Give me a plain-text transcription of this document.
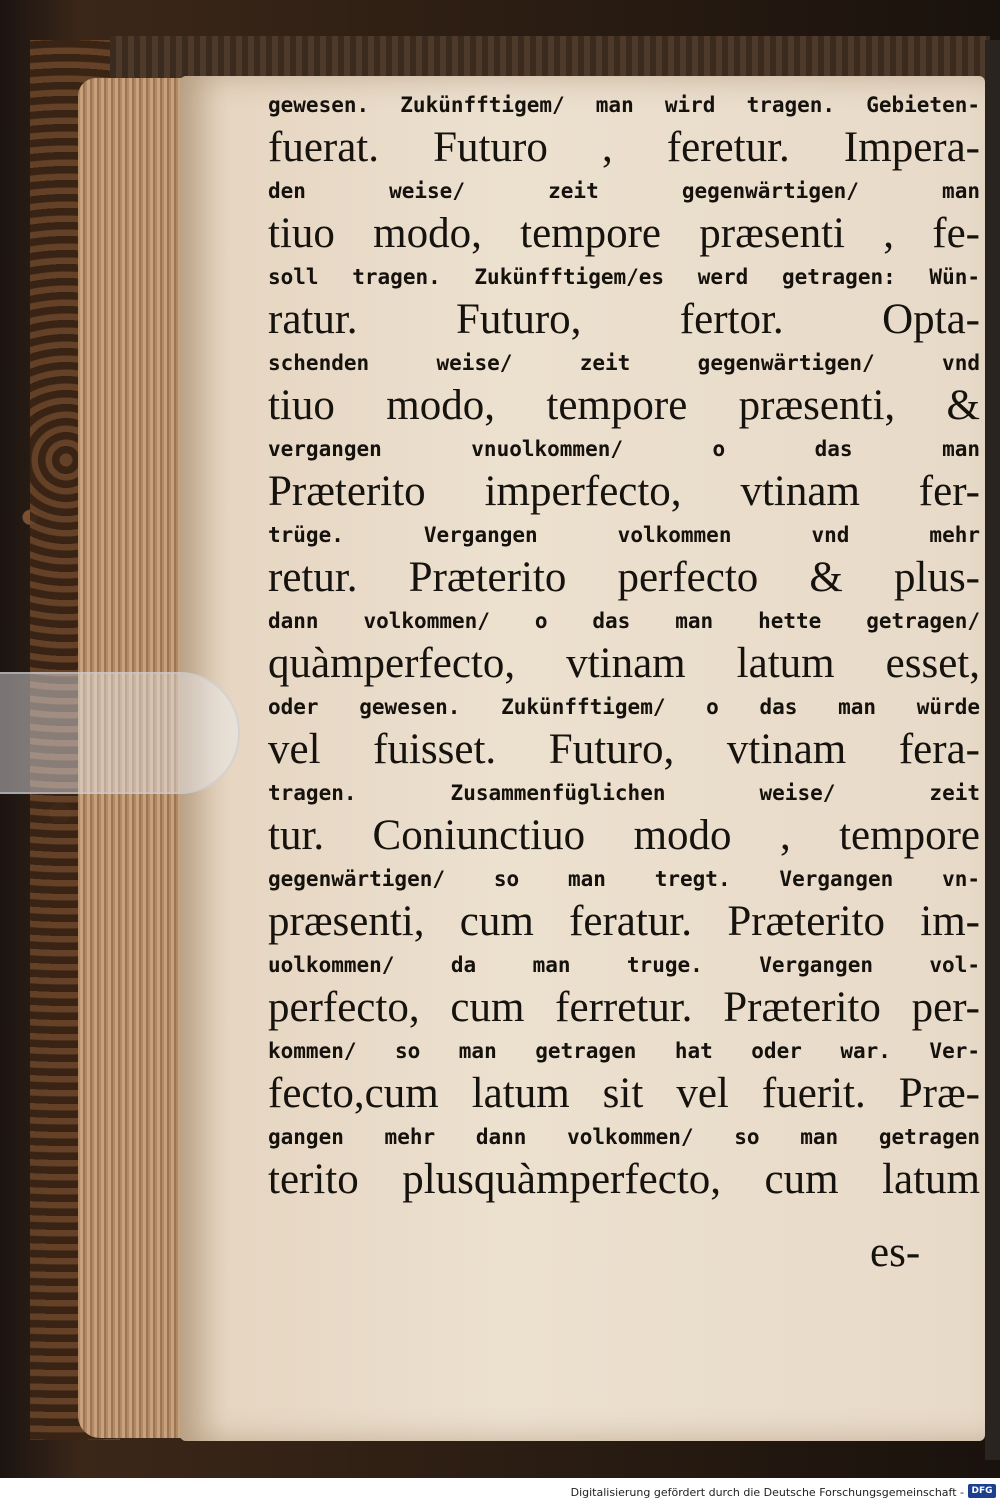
gewesen. Zukünfftigem/ man wird tragen. Gebieten-
fuerat. Futuro , feretur. Impera-
den weise/ zeit gegenwärtigen/ man
tiuo modo, tempore præsenti , fe-
soll tragen. Zukünfftigem/es werd getragen: Wün-
ratur. Futuro, fertor. Opta-
schenden weise/ zeit gegenwärtigen/ vnd
tiuo modo, tempore præsenti, &
vergangen vnuolkommen/ o das man
Præterito imperfecto, vtinam fer-
trüge. Vergangen volkommen vnd mehr
retur. Præterito perfecto & plus-
dann volkommen/ o das man hette getragen/
quàmperfecto, vtinam latum esset,
oder gewesen. Zukünfftigem/ o das man würde
vel fuisset. Futuro, vtinam fera-
tragen. Zusammenfüglichen weise/ zeit
tur. Coniunctiuo modo , tempore
gegenwärtigen/ so man tregt. Vergangen vn-
præsenti, cum feratur. Præterito im-
uolkommen/ da man truge. Vergangen vol-
perfecto, cum ferretur. Præterito per-
kommen/ so man getragen hat oder war. Ver-
fecto,cum latum sit vel fuerit. Præ-
gangen mehr dann volkommen/ so man getragen
terito plusquàmperfecto, cum latum
es-
Digitalisierung gefördert durch die Deutsche Forschungsgemeinschaft - DFG
